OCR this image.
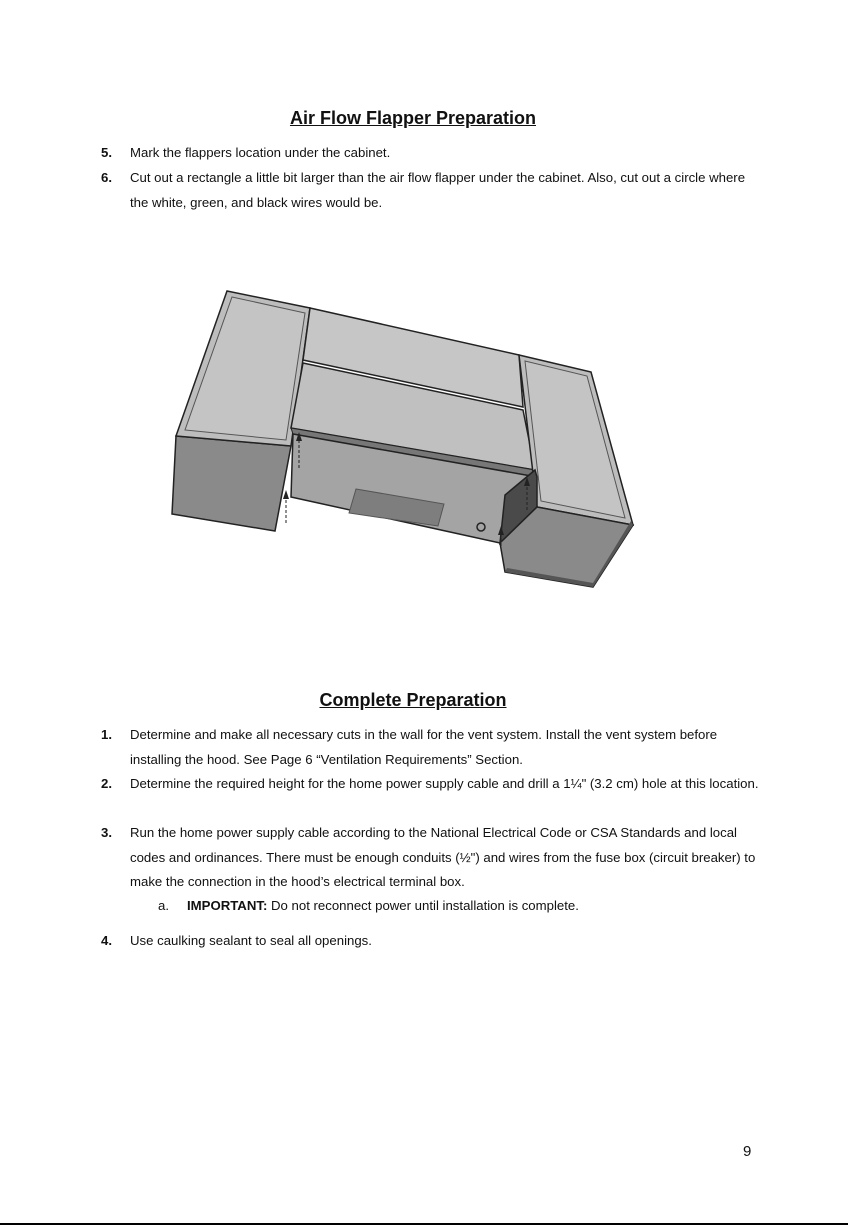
Air Flow Flapper Preparation
5. Mark the flappers location under the cabinet.
6. Cut out a rectangle a little bit larger than the air flow flapper under the cabinet. Also, cut out a circle where the white, green, and black wires would be.
Complete Preparation
1. Determine and make all necessary cuts in the wall for the vent system. Install the vent system before installing the hood. See Page 6 “Ventilation Requirements” Section.
2. Determine the required height for the home power supply cable and drill a 1¼" (3.2 cm) hole at this location.
3. Run the home power supply cable according to the National Electrical Code or CSA Standards and local codes and ordinances. There must be enough conduits (½") and wires from the fuse box (circuit breaker) to make the connection in the hood’s electrical terminal box.
a. IMPORTANT: Do not reconnect power until installation is complete.
4. Use caulking sealant to seal all openings.
9
